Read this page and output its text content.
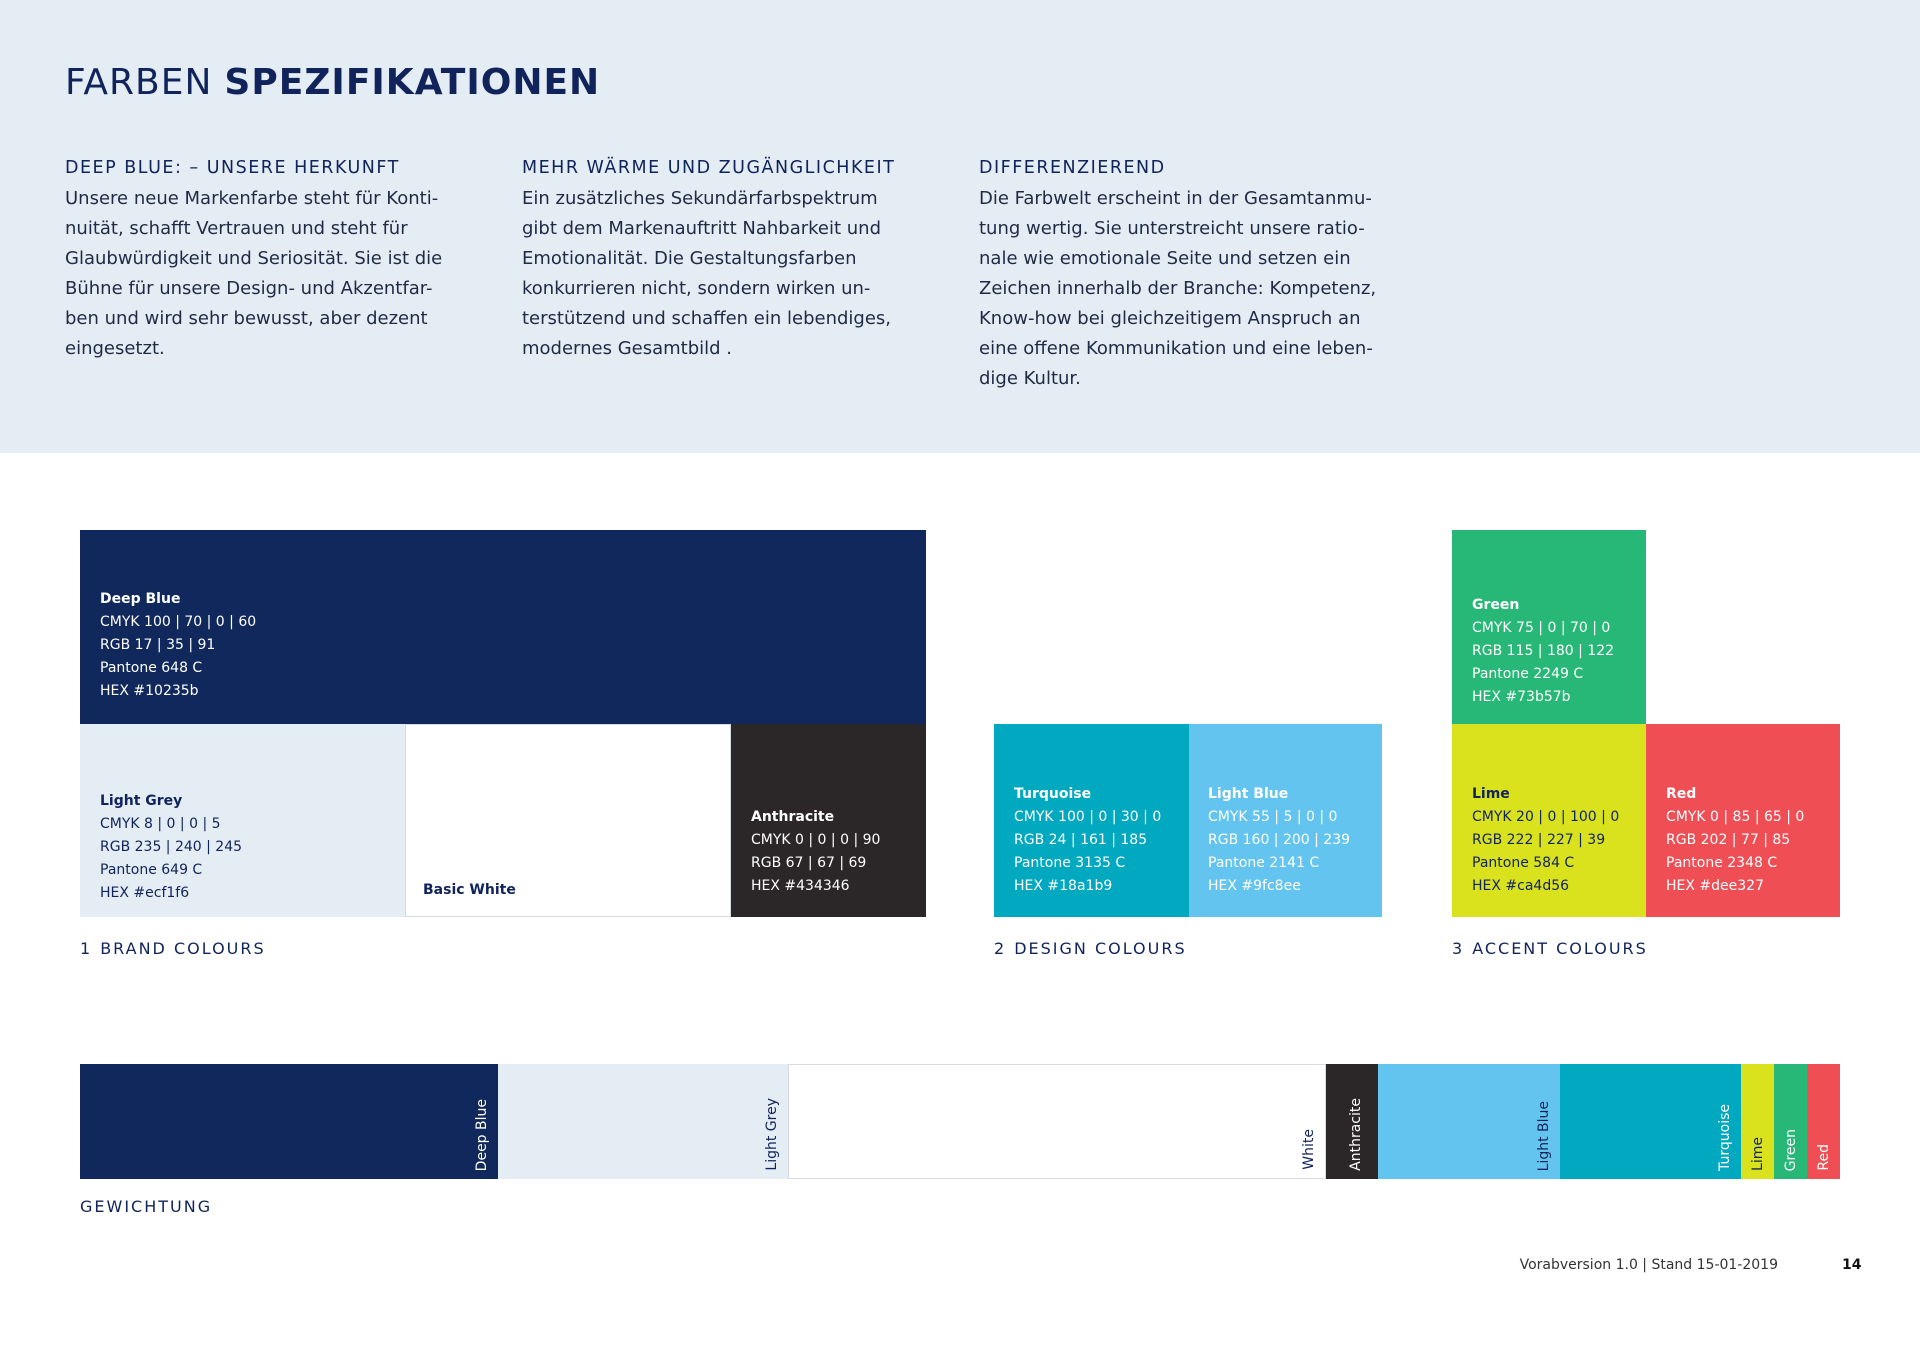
FARBEN SPEZIFIKATIONEN
DEEP BLUE: – UNSERE HERKUNFT

Unsere neue Markenfarbe steht für Konti-
nuität, schafft Vertrauen und steht für
Glaubwürdigkeit und Seriosität. Sie ist die
Bühne für unsere Design- und Akzentfar-
ben und wird sehr bewusst, aber dezent
eingesetzt.

MEHR WÄRME UND ZUGÄNGLICHKEIT

Ein zusätzliches Sekundärfarbspektrum
gibt dem Markenauftritt Nahbarkeit und
Emotionalität. Die Gestaltungsfarben
konkurrieren nicht, sondern wirken un-
terstützend und schaffen ein lebendiges,
modernes Gesamtbild .

DIFFERENZIEREND

Die Farbwelt erscheint in der Gesamtanmu-
tung wertig. Sie unterstreicht unsere ratio-
nale wie emotionale Seite und setzen ein
Zeichen innerhalb der Branche: Kompetenz,
Know-how bei gleichzeitigem Anspruch an
eine offene Kommunikation und eine leben-
dige Kultur.

Deep Blue
CMYK 100 | 70 | 0 | 60
RGB 17 | 35 | 91
Pantone 648 C
HEX #10235b
Light Grey
CMYK 8 | 0 | 0 | 5
RGB 235 | 240 | 245
Pantone 649 C
HEX #ecf1f6	Basic White
Anthracite
CMYK 0 | 0 | 0 | 90
RGB 67 | 67 | 69
HEX #434346
1 BRAND COLOURS
Turquoise
CMYK 100 | 0 | 30 | 0
RGB 24 | 161 | 185
Pantone 3135 C
HEX #18a1b9
Light Blue
CMYK 55 | 5 | 0 | 0
RGB 160 | 200 | 239
Pantone 2141 C
HEX #9fc8ee
2 DESIGN COLOURS
Green
CMYK 75 | 0 | 70 | 0
RGB 115 | 180 | 122
Pantone 2249 C
HEX #73b57b
Lime
CMYK 20 | 0 | 100 | 0
RGB 222 | 227 | 39
Pantone 584 C
HEX #ca4d56
Red
CMYK 0 | 85 | 65 | 0
RGB 202 | 77 | 85
Pantone 2348 C
HEX #dee327
3 ACCENT COLOURS
Deep Blue	Light Grey	White Anthracite	Light Blue	Turquoise Lime Green Red
GEWICHTUNG
Vorabversion 1.0 | Stand 15-01-2019	14
